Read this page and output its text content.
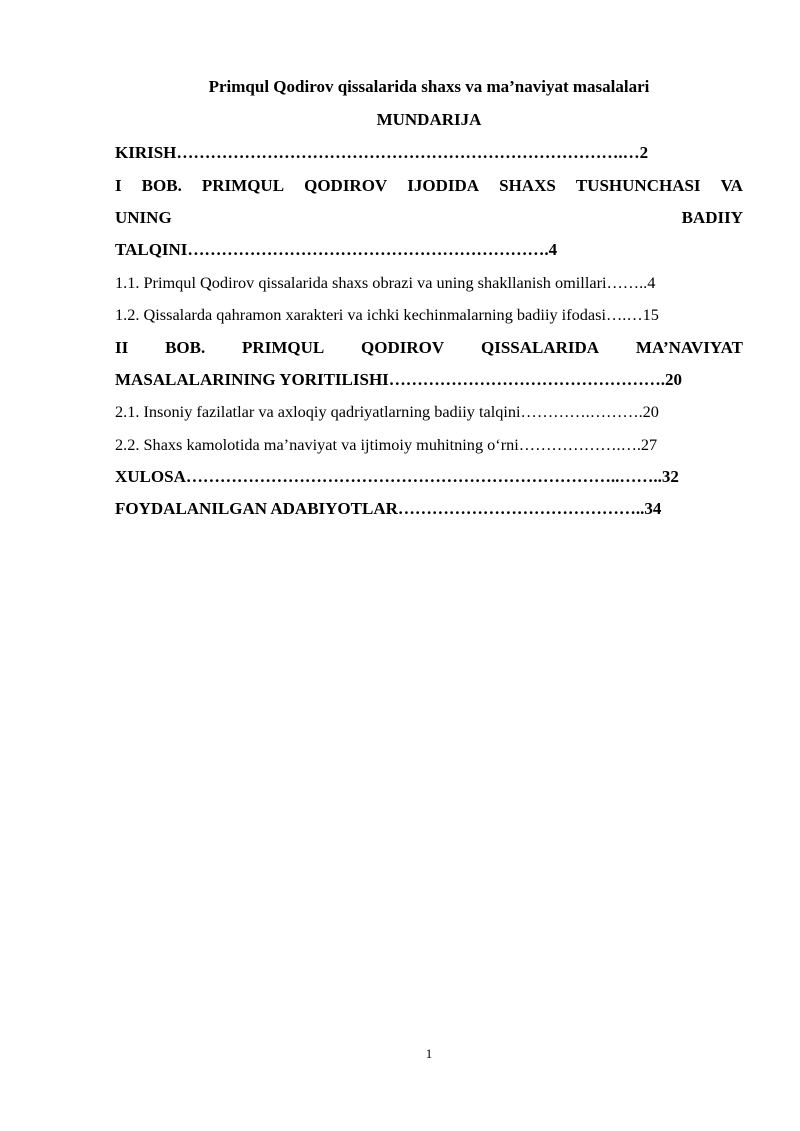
Primqul Qodirov qissalarida shaxs va ma’naviyat masalalari
MUNDARIJA
KIRISH…………………………………………………………………….…2
I BOB. PRIMQUL QODIROV IJODIDA SHAXS TUSHUNCHASI VA
UNING	BADIIY
TALQINI……………………………………………………….4
1.1. Primqul Qodirov qissalarida shaxs obrazi va uning shakllanish omillari……..4
1.2. Qissalarda qahramon xarakteri va ichki kechinmalarning badiiy ifodasi….…15
II BOB. PRIMQUL QODIROV QISSALARIDA MA’NAVIYAT
MASALALARINING YORITILISHI………………………………………….20
2.1. Insoniy fazilatlar va axloqiy qadriyatlarning badiiy talqini………….……….20
2.2. Shaxs kamolotida ma’naviyat va ijtimoiy muhitning o‘rni……………….….27
XULOSA…………………………………………………………………..……..32
FOYDALANILGAN ADABIYOTLAR……………………………………..34
1
